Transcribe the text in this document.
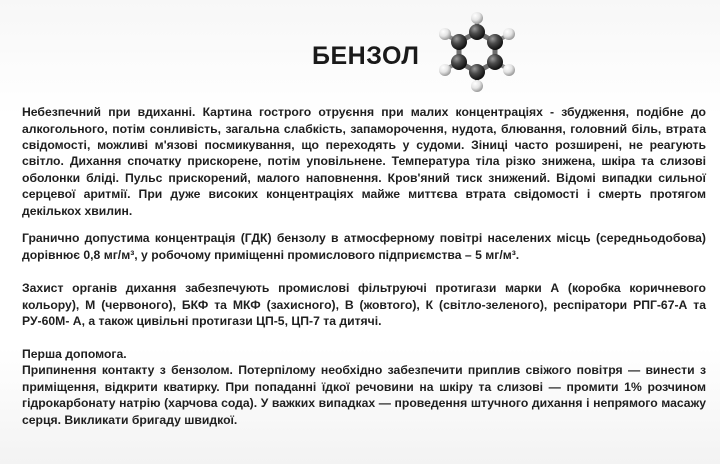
БЕНЗОЛ

Небезпечний при вдиханні. Картина гострого отруєння при малих концентраціях - збудження, подібне до алкогольного, потім сонливість, загальна слабкість, запаморочення, нудота, блювання, головний біль, втрата свідомості, можливі м'язові посмикування, що переходять у судоми. Зіниці часто розширені, не реагують світло. Дихання спочатку прискорене, потім уповільнене. Температура тіла різко знижена, шкіра та слизові оболонки бліді. Пульс прискорений, малого наповнення. Кров'яний тиск знижений. Відомі випадки сильної серцевої аритмії. При дуже високих концентраціях майже миттєва втрата свідомості і смерть протягом декількох хвилин.

Гранично допустима концентрація (ГДК) бензолу в атмосферному повітрі населених місць (середньодобова) дорівнює 0,8 мг/м³, у робочому приміщенні промислового підприємства – 5 мг/м³.

Захист органів дихання забезпечують промислові фільтруючі протигази марки А (коробка коричневого кольору), М (червоного), БКФ та МКФ (захисного), В (жовтого), К (світло-зеленого), респіратори РПГ-67-А та РУ-60М- А, а також цивільні протигази ЦП-5, ЦП-7 та дитячі.

Перша допомога.
Припинення контакту з бензолом. Потерпілому необхідно забезпечити приплив свіжого повітря — винести з приміщення, відкрити кватирку. При попаданні їдкої речовини на шкіру та слизові — промити 1% розчином гідрокарбонату натрію (харчова сода). У важких випадках — проведення штучного дихання і непрямого масажу серця. Викликати бригаду швидкої.
